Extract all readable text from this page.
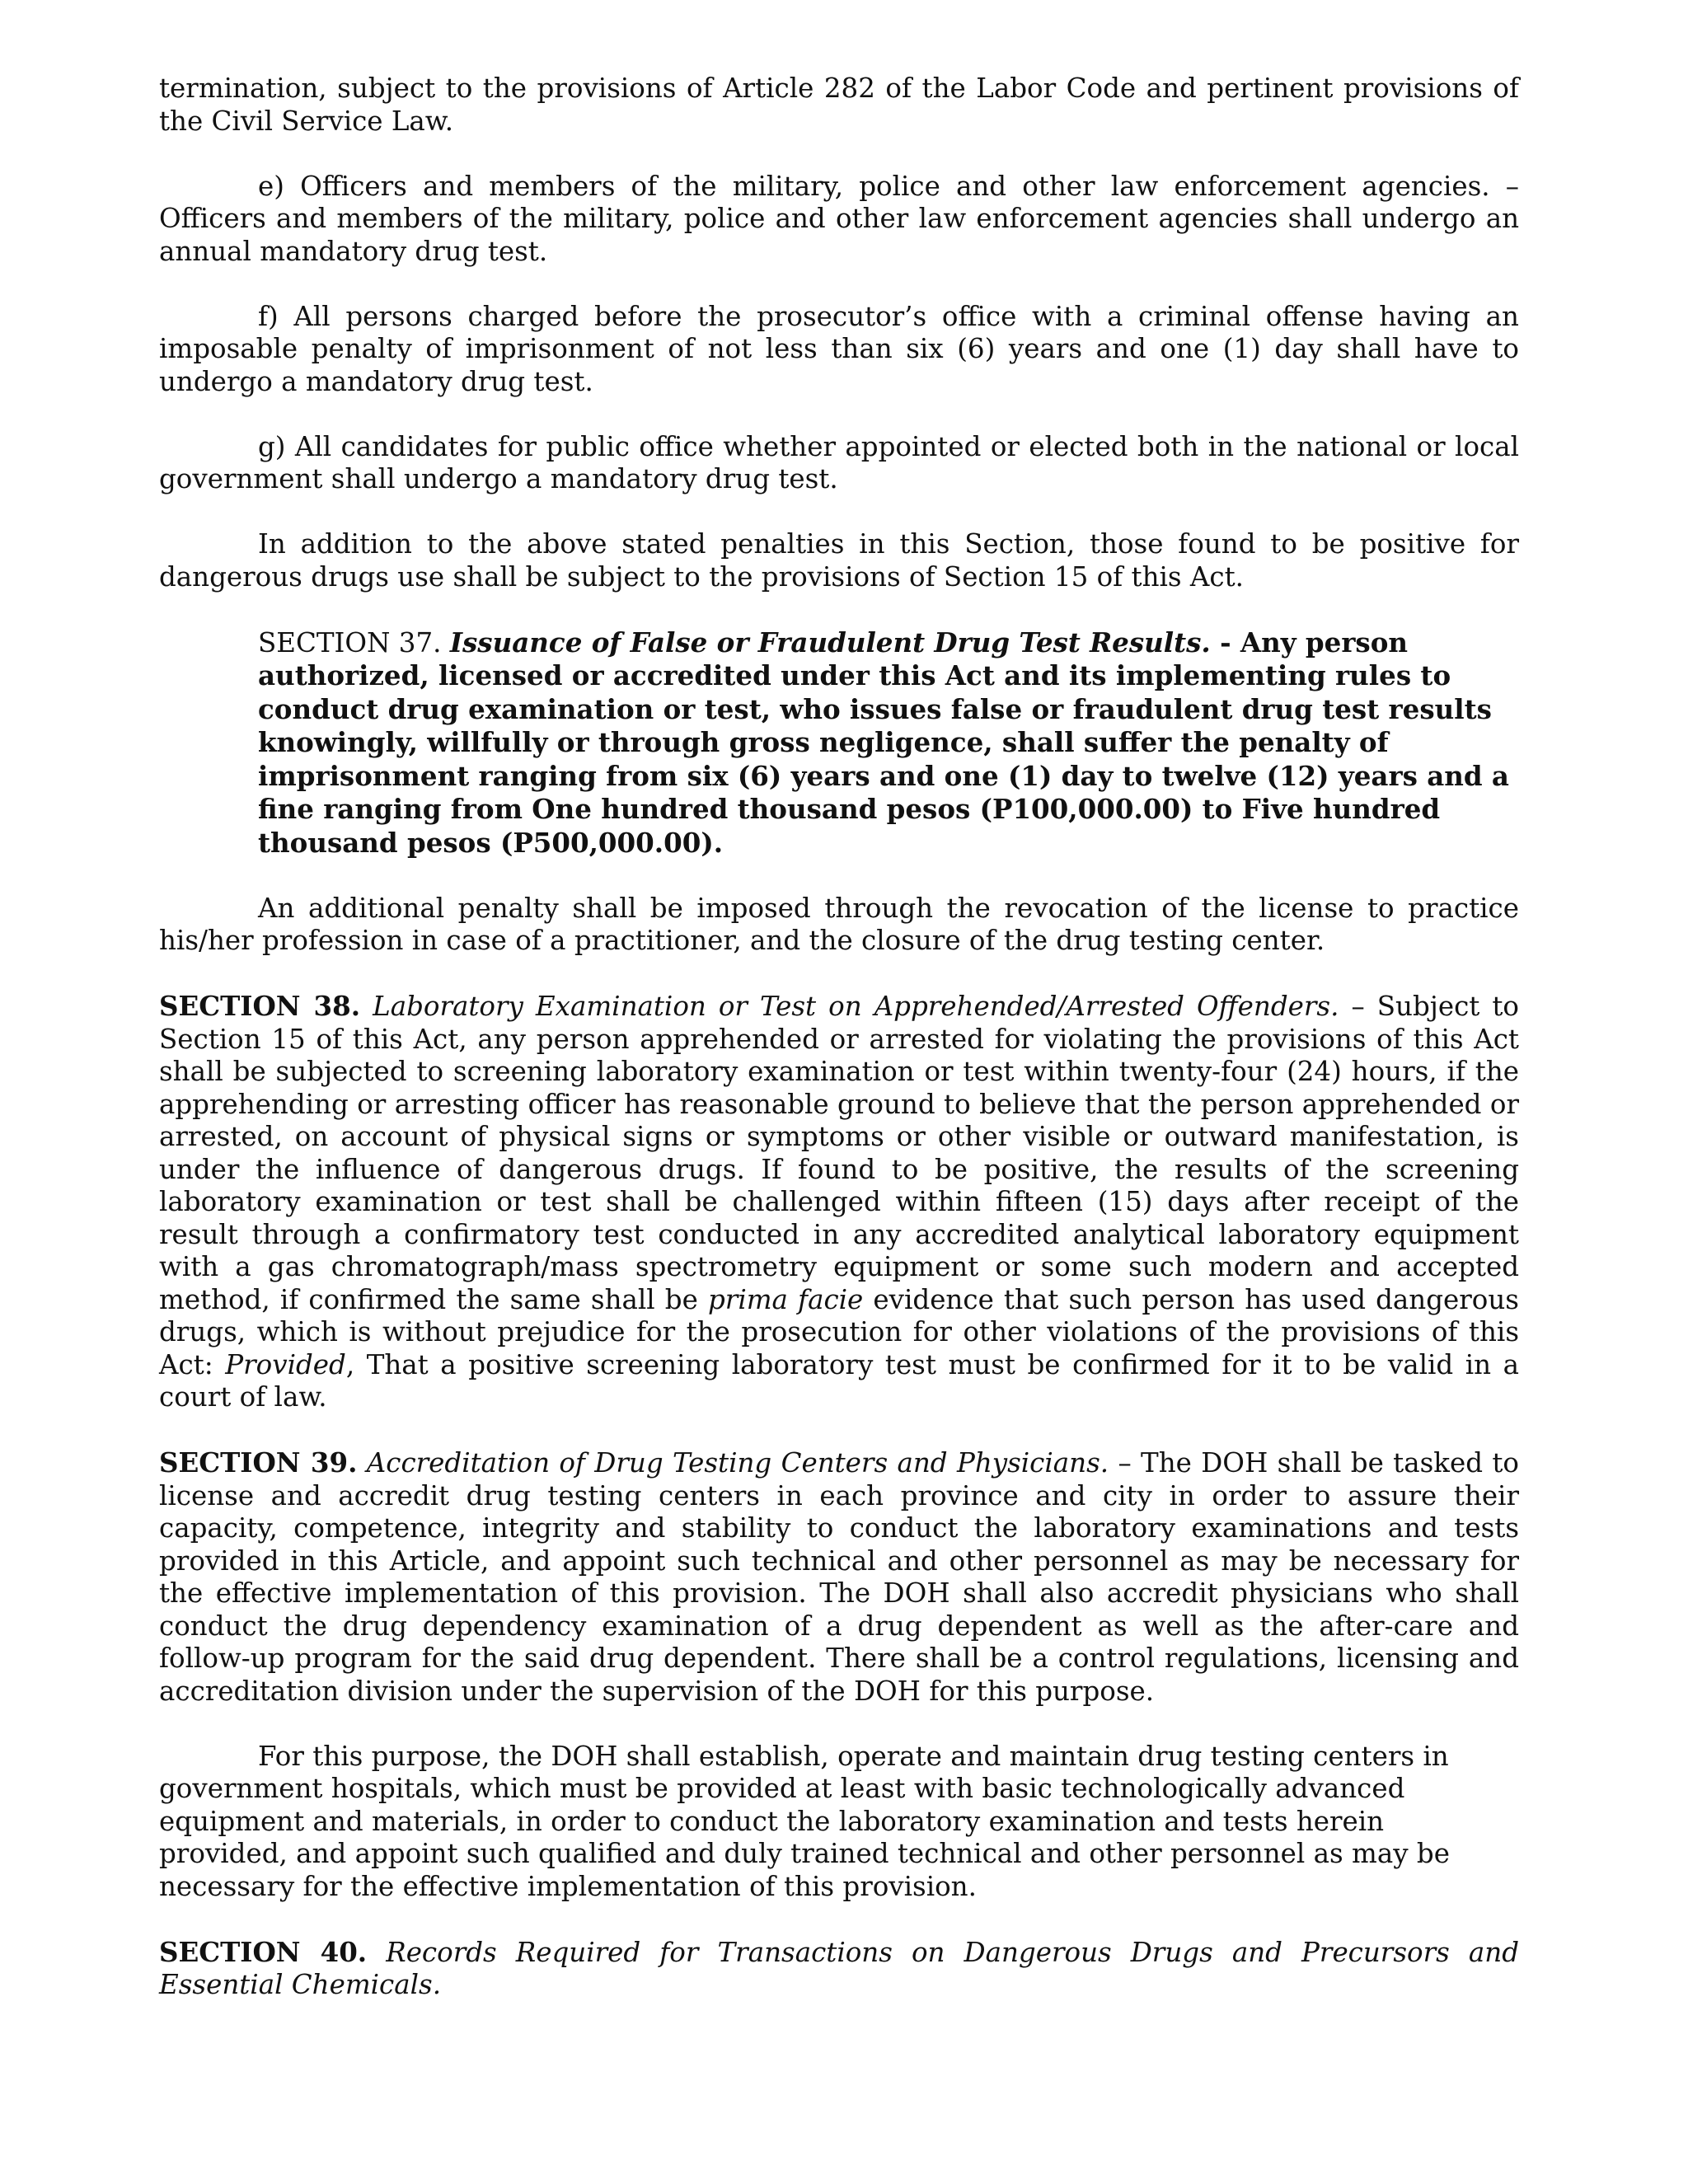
termination, subject to the provisions of Article 282 of the Labor Code and pertinent provisions of the Civil Service Law.

e) Officers and members of the military, police and other law enforcement agencies. – Officers and members of the military, police and other law enforcement agencies shall undergo an annual mandatory drug test.

f) All persons charged before the prosecutor’s office with a criminal offense having an imposable penalty of imprisonment of not less than six (6) years and one (1) day shall have to undergo a mandatory drug test.

g) All candidates for public office whether appointed or elected both in the national or local government shall undergo a mandatory drug test.

In addition to the above stated penalties in this Section, those found to be positive for dangerous drugs use shall be subject to the provisions of Section 15 of this Act.

SECTION 37. Issuance of False or Fraudulent Drug Test Results. - Any person authorized, licensed or accredited under this Act and its implementing rules to conduct drug examination or test, who issues false or fraudulent drug test results knowingly, willfully or through gross negligence, shall suffer the penalty of imprisonment ranging from six (6) years and one (1) day to twelve (12) years and a fine ranging from One hundred thousand pesos (P100,000.00) to Five hundred thousand pesos (P500,000.00).

An additional penalty shall be imposed through the revocation of the license to practice his/her profession in case of a practitioner, and the closure of the drug testing center.

SECTION 38. Laboratory Examination or Test on Apprehended/Arrested Offenders. – Subject to Section 15 of this Act, any person apprehended or arrested for violating the provisions of this Act shall be subjected to screening laboratory examination or test within twenty-four (24) hours, if the apprehending or arresting officer has reasonable ground to believe that the person apprehended or arrested, on account of physical signs or symptoms or other visible or outward manifestation, is under the influence of dangerous drugs. If found to be positive, the results of the screening laboratory examination or test shall be challenged within fifteen (15) days after receipt of the result through a confirmatory test conducted in any accredited analytical laboratory equipment with a gas chromatograph/mass spectrometry equipment or some such modern and accepted method, if confirmed the same shall be prima facie evidence that such person has used dangerous drugs, which is without prejudice for the prosecution for other violations of the provisions of this Act: Provided, That a positive screening laboratory test must be confirmed for it to be valid in a court of law.

SECTION 39. Accreditation of Drug Testing Centers and Physicians. – The DOH shall be tasked to license and accredit drug testing centers in each province and city in order to assure their capacity, competence, integrity and stability to conduct the laboratory examinations and tests provided in this Article, and appoint such technical and other personnel as may be necessary for the effective implementation of this provision. The DOH shall also accredit physicians who shall conduct the drug dependency examination of a drug dependent as well as the after-care and follow-up program for the said drug dependent. There shall be a control regulations, licensing and accreditation division under the supervision of the DOH for this purpose.

For this purpose, the DOH shall establish, operate and maintain drug testing centers in government hospitals, which must be provided at least with basic technologically advanced equipment and materials, in order to conduct the laboratory examination and tests herein provided, and appoint such qualified and duly trained technical and other personnel as may be necessary for the effective implementation of this provision.

SECTION 40. Records Required for Transactions on Dangerous Drugs and Precursors and Essential Chemicals.
